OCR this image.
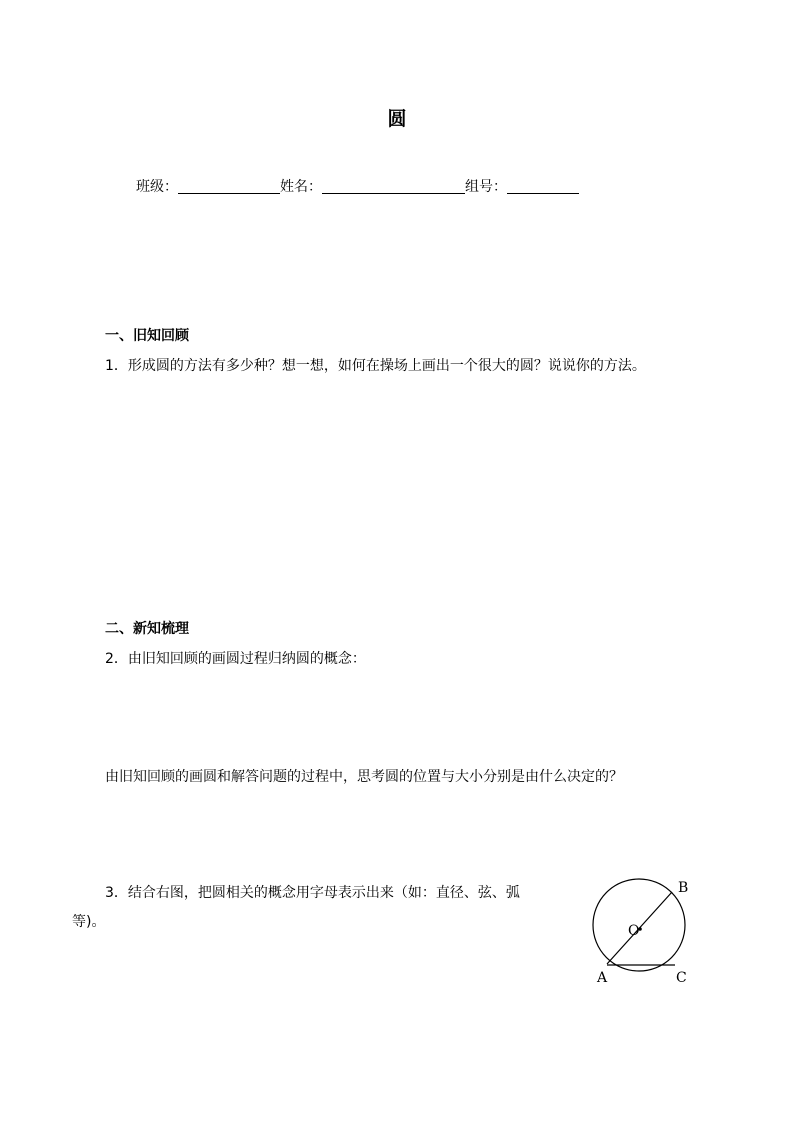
圆
班级：	姓名：	组号：
一、旧知回顾
1．形成圆的方法有多少种？想一想，如何在操场上画出一个很大的圆？说说你的方法。
二、新知梳理
2．由旧知回顾的画圆过程归纳圆的概念：
由旧知回顾的画圆和解答问题的过程中，思考圆的位置与大小分别是由什么决定的？
3．结合右图，把圆相关的概念用字母表示出来（如：直径、弦、弧
等)。
O
B
A	C
